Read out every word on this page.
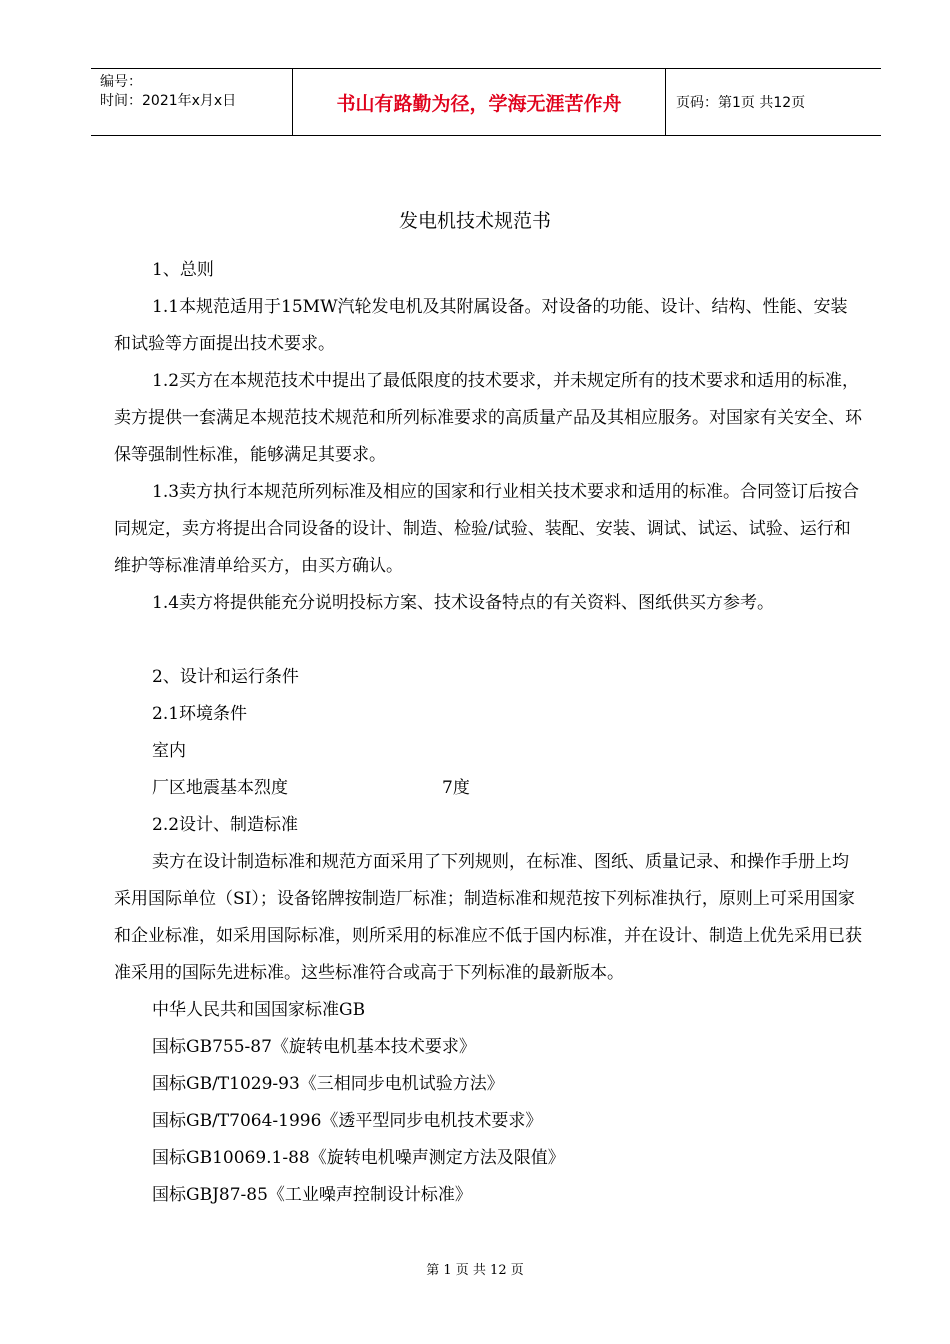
编号：
时间：2021年x月x日	书山有路勤为径，学海无涯苦作舟	页码：第1页 共12页
发电机技术规范书

1、总则

1.1本规范适用于15MW汽轮发电机及其附属设备。对设备的功能、设计、结构、性能、安装和试验等方面提出技术要求。

1.2买方在本规范技术中提出了最低限度的技术要求，并未规定所有的技术要求和适用的标准，卖方提供一套满足本规范技术规范和所列标准要求的高质量产品及其相应服务。对国家有关安全、环保等强制性标准，能够满足其要求。

1.3卖方执行本规范所列标准及相应的国家和行业相关技术要求和适用的标准。合同签订后按合同规定，卖方将提出合同设备的设计、制造、检验/试验、装配、安装、调试、试运、试验、运行和维护等标准清单给买方，由买方确认。

1.4卖方将提供能充分说明投标方案、技术设备特点的有关资料、图纸供买方参考。

2、设计和运行条件

2.1环境条件

室内

厂区地震基本烈度	7度

2.2设计、制造标准

卖方在设计制造标准和规范方面采用了下列规则，在标准、图纸、质量记录、和操作手册上均采用国际单位（SI）；设备铭牌按制造厂标准；制造标准和规范按下列标准执行，原则上可采用国家和企业标准，如采用国际标准，则所采用的标准应不低于国内标准，并在设计、制造上优先采用已获准采用的国际先进标准。这些标准符合或高于下列标准的最新版本。

中华人民共和国国家标准GB

国标GB755-87《旋转电机基本技术要求》

国标GB/T1029-93《三相同步电机试验方法》

国标GB/T7064-1996《透平型同步电机技术要求》

国标GB10069.1-88《旋转电机噪声测定方法及限值》

国标GBJ87-85《工业噪声控制设计标准》

第 1 页 共 12 页
